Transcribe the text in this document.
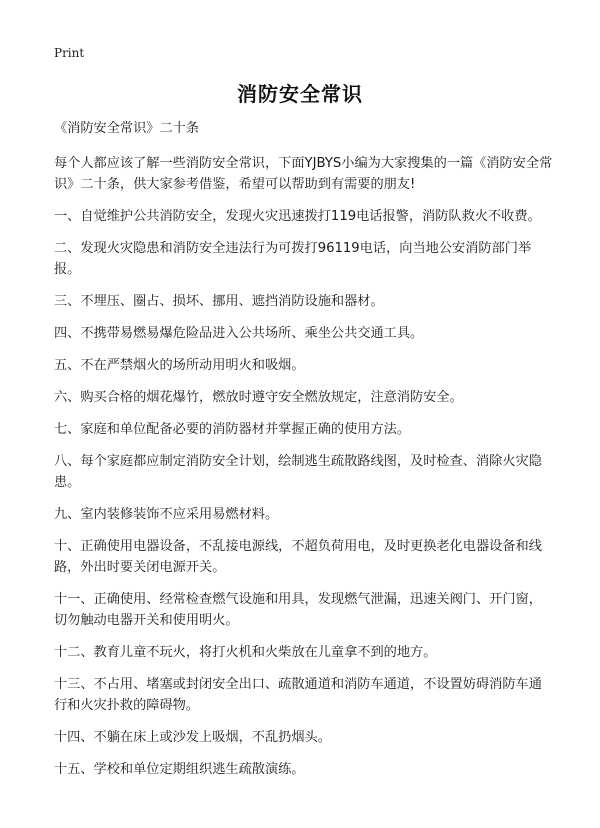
Print
消防安全常识

《消防安全常识》二十条

每个人都应该了解一些消防安全常识，下面YJBYS小编为大家搜集的一篇《消防安全常识》二十条，供大家参考借鉴，希望可以帮助到有需要的朋友!

一、自觉维护公共消防安全，发现火灾迅速拨打119电话报警，消防队救火不收费。

二、发现火灾隐患和消防安全违法行为可拨打96119电话，向当地公安消防部门举报。

三、不埋压、圈占、损坏、挪用、遮挡消防设施和器材。

四、不携带易燃易爆危险品进入公共场所、乘坐公共交通工具。

五、不在严禁烟火的场所动用明火和吸烟。

六、购买合格的烟花爆竹，燃放时遵守安全燃放规定，注意消防安全。

七、家庭和单位配备必要的消防器材并掌握正确的使用方法。

八、每个家庭都应制定消防安全计划，绘制逃生疏散路线图，及时检查、消除火灾隐患。

九、室内装修装饰不应采用易燃材料。

十、正确使用电器设备，不乱接电源线，不超负荷用电，及时更换老化电器设备和线路，外出时要关闭电源开关。

十一、正确使用、经常检查燃气设施和用具，发现燃气泄漏，迅速关阀门、开门窗，切勿触动电器开关和使用明火。

十二、教育儿童不玩火，将打火机和火柴放在儿童拿不到的地方。

十三、不占用、堵塞或封闭安全出口、疏散通道和消防车通道，不设置妨碍消防车通行和火灾扑救的障碍物。

十四、不躺在床上或沙发上吸烟，不乱扔烟头。

十五、学校和单位定期组织逃生疏散演练。
